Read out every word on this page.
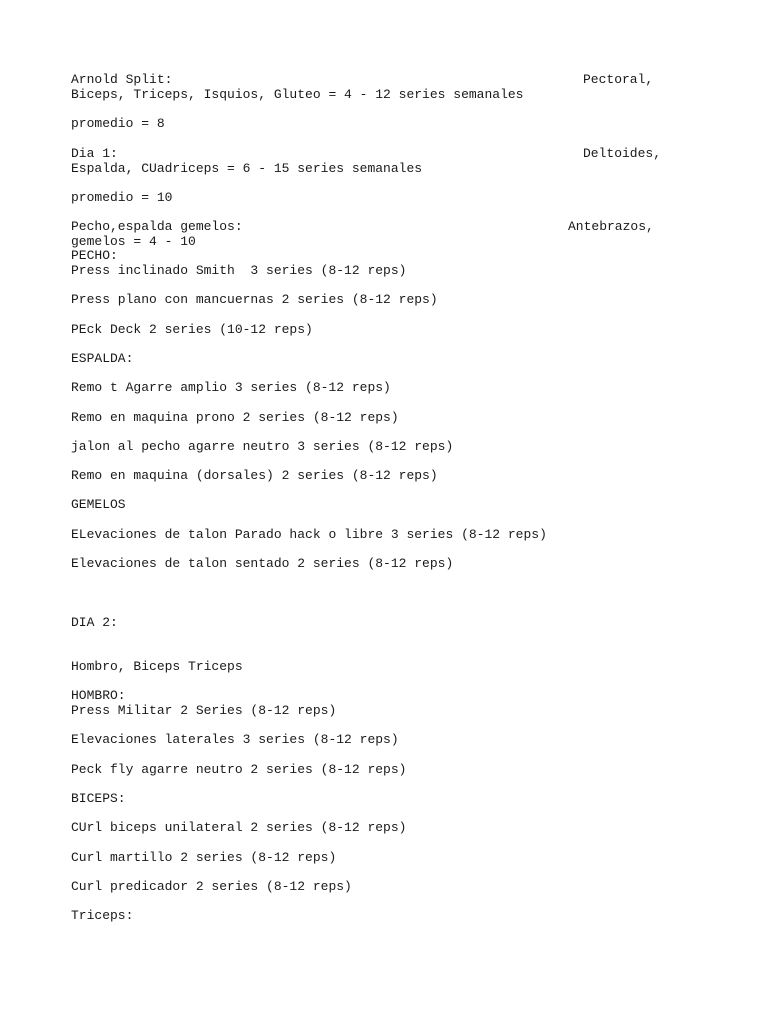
Arnold Split:	Pectoral,

Biceps, Triceps, Isquios, Gluteo = 4 - 12 series semanales

promedio = 8

Dia 1:	Deltoides,

Espalda, CUadriceps = 6 - 15 series semanales

promedio = 10

Pecho,espalda gemelos:	Antebrazos,

gemelos = 4 - 10

PECHO:

Press inclinado Smith  3 series (8-12 reps)

Press plano con mancuernas 2 series (8-12 reps)

PEck Deck 2 series (10-12 reps)

ESPALDA:

Remo t Agarre amplio 3 series (8-12 reps)

Remo en maquina prono 2 series (8-12 reps)

jalon al pecho agarre neutro 3 series (8-12 reps)

Remo en maquina (dorsales) 2 series (8-12 reps)

GEMELOS

ELevaciones de talon Parado hack o libre 3 series (8-12 reps)

Elevaciones de talon sentado 2 series (8-12 reps)

DIA 2:

Hombro, Biceps Triceps

HOMBRO:

Press Militar 2 Series (8-12 reps)

Elevaciones laterales 3 series (8-12 reps)

Peck fly agarre neutro 2 series (8-12 reps)

BICEPS:

CUrl biceps unilateral 2 series (8-12 reps)

Curl martillo 2 series (8-12 reps)

Curl predicador 2 series (8-12 reps)

Triceps:
